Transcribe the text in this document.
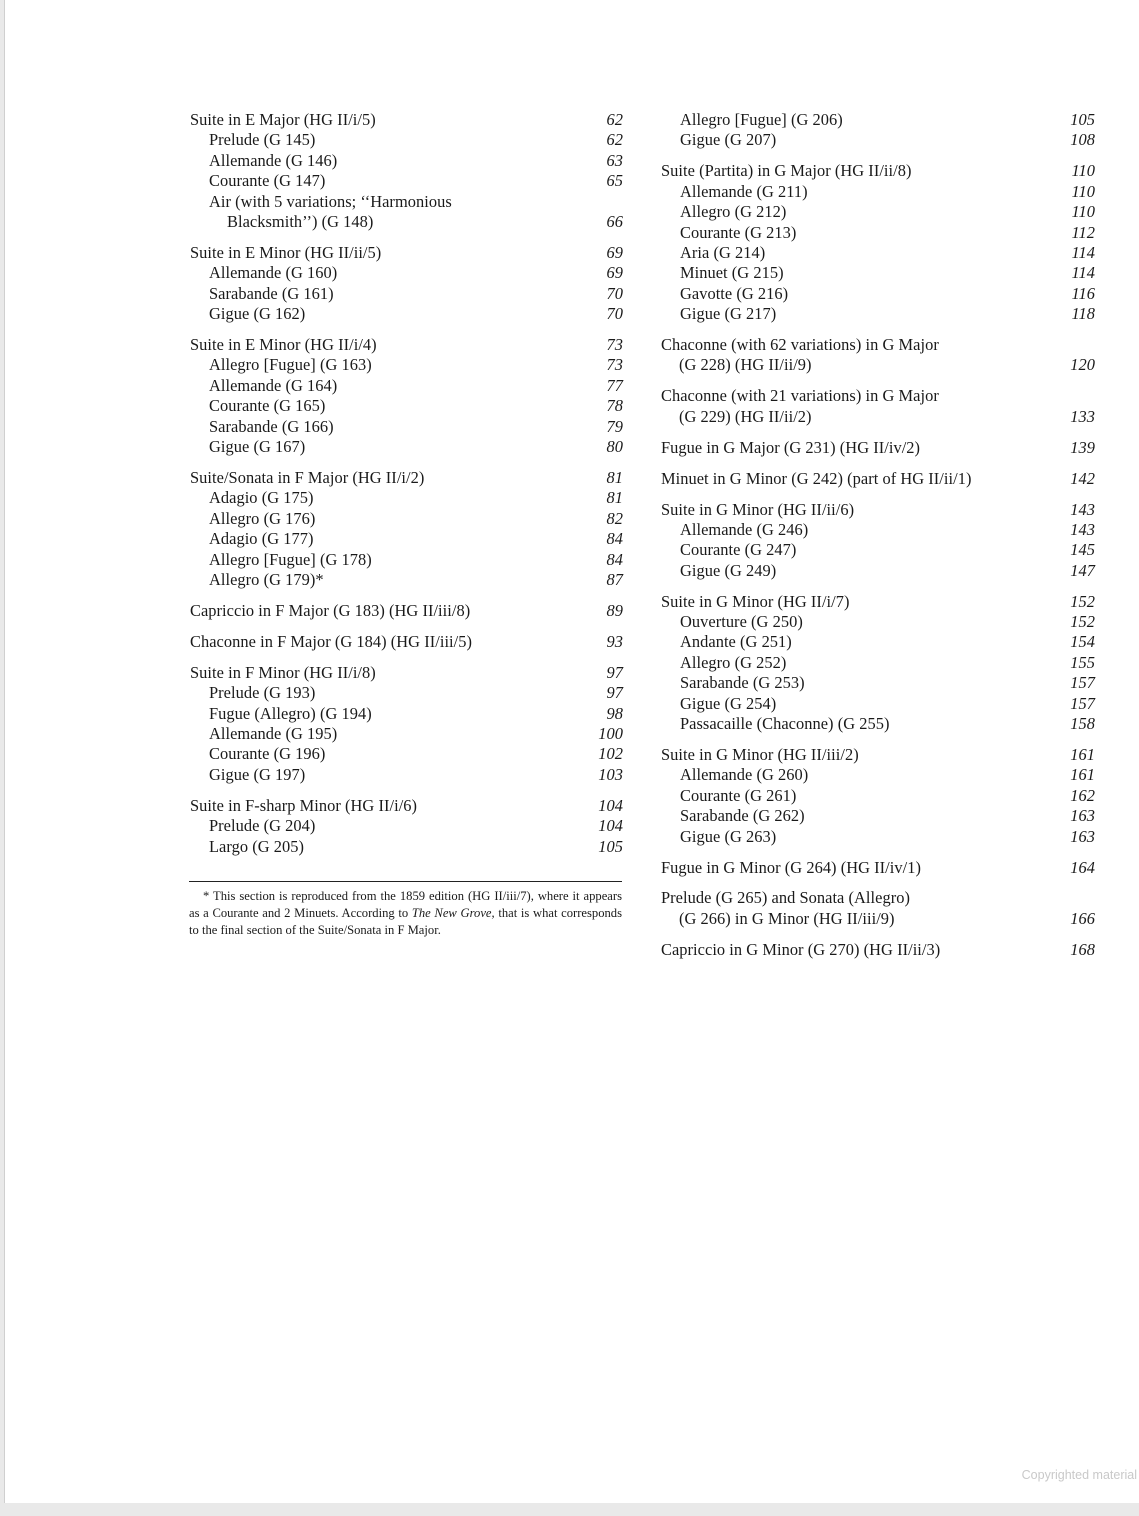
Suite in E Major (HG II/i/5)	62
Prelude (G 145)	62
Allemande (G 146)	63
Courante (G 147)	65
Air (with 5 variations; ‘‘Harmonious
Blacksmith’’) (G 148)	66
Suite in E Minor (HG II/ii/5)	69
Allemande (G 160)	69
Sarabande (G 161)	70
Gigue (G 162)	70
Suite in E Minor (HG II/i/4)	73
Allegro [Fugue] (G 163)	73
Allemande (G 164)	77
Courante (G 165)	78
Sarabande (G 166)	79
Gigue (G 167)	80
Suite/Sonata in F Major (HG II/i/2)	81
Adagio (G 175)	81
Allegro (G 176)	82
Adagio (G 177)	84
Allegro [Fugue] (G 178)	84
Allegro (G 179)*	87
Capriccio in F Major (G 183) (HG II/iii/8)	89
Chaconne in F Major (G 184) (HG II/iii/5)	93
Suite in F Minor (HG II/i/8)	97
Prelude (G 193)	97
Fugue (Allegro) (G 194)	98
Allemande (G 195)	100
Courante (G 196)	102
Gigue (G 197)	103
Suite in F-sharp Minor (HG II/i/6)	104
Prelude (G 204)	104
Largo (G 205)	105
Allegro [Fugue] (G 206)	105
Gigue (G 207)	108
Suite (Partita) in G Major (HG II/ii/8)	110
Allemande (G 211)	110
Allegro (G 212)	110
Courante (G 213)	112
Aria (G 214)	114
Minuet (G 215)	114
Gavotte (G 216)	116
Gigue (G 217)	118
Chaconne (with 62 variations) in G Major
(G 228) (HG II/ii/9)	120
Chaconne (with 21 variations) in G Major
(G 229) (HG II/ii/2)	133
Fugue in G Major (G 231) (HG II/iv/2)	139
Minuet in G Minor (G 242) (part of HG II/ii/1)	142
Suite in G Minor (HG II/ii/6)	143
Allemande (G 246)	143
Courante (G 247)	145
Gigue (G 249)	147
Suite in G Minor (HG II/i/7)	152
Ouverture (G 250)	152
Andante (G 251)	154
Allegro (G 252)	155
Sarabande (G 253)	157
Gigue (G 254)	157
Passacaille (Chaconne) (G 255)	158
Suite in G Minor (HG II/iii/2)	161
Allemande (G 260)	161
Courante (G 261)	162
Sarabande (G 262)	163
Gigue (G 263)	163
Fugue in G Minor (G 264) (HG II/iv/1)	164
Prelude (G 265) and Sonata (Allegro)
(G 266) in G Minor (HG II/iii/9)	166
Capriccio in G Minor (G 270) (HG II/ii/3)	168

* This section is reproduced from the 1859 edition (HG II/iii/7), where it appears as a Courante and 2 Minuets. According to The New Grove, that is what corresponds to the final section of the Suite/Sonata in F Major.

Copyrighted material
